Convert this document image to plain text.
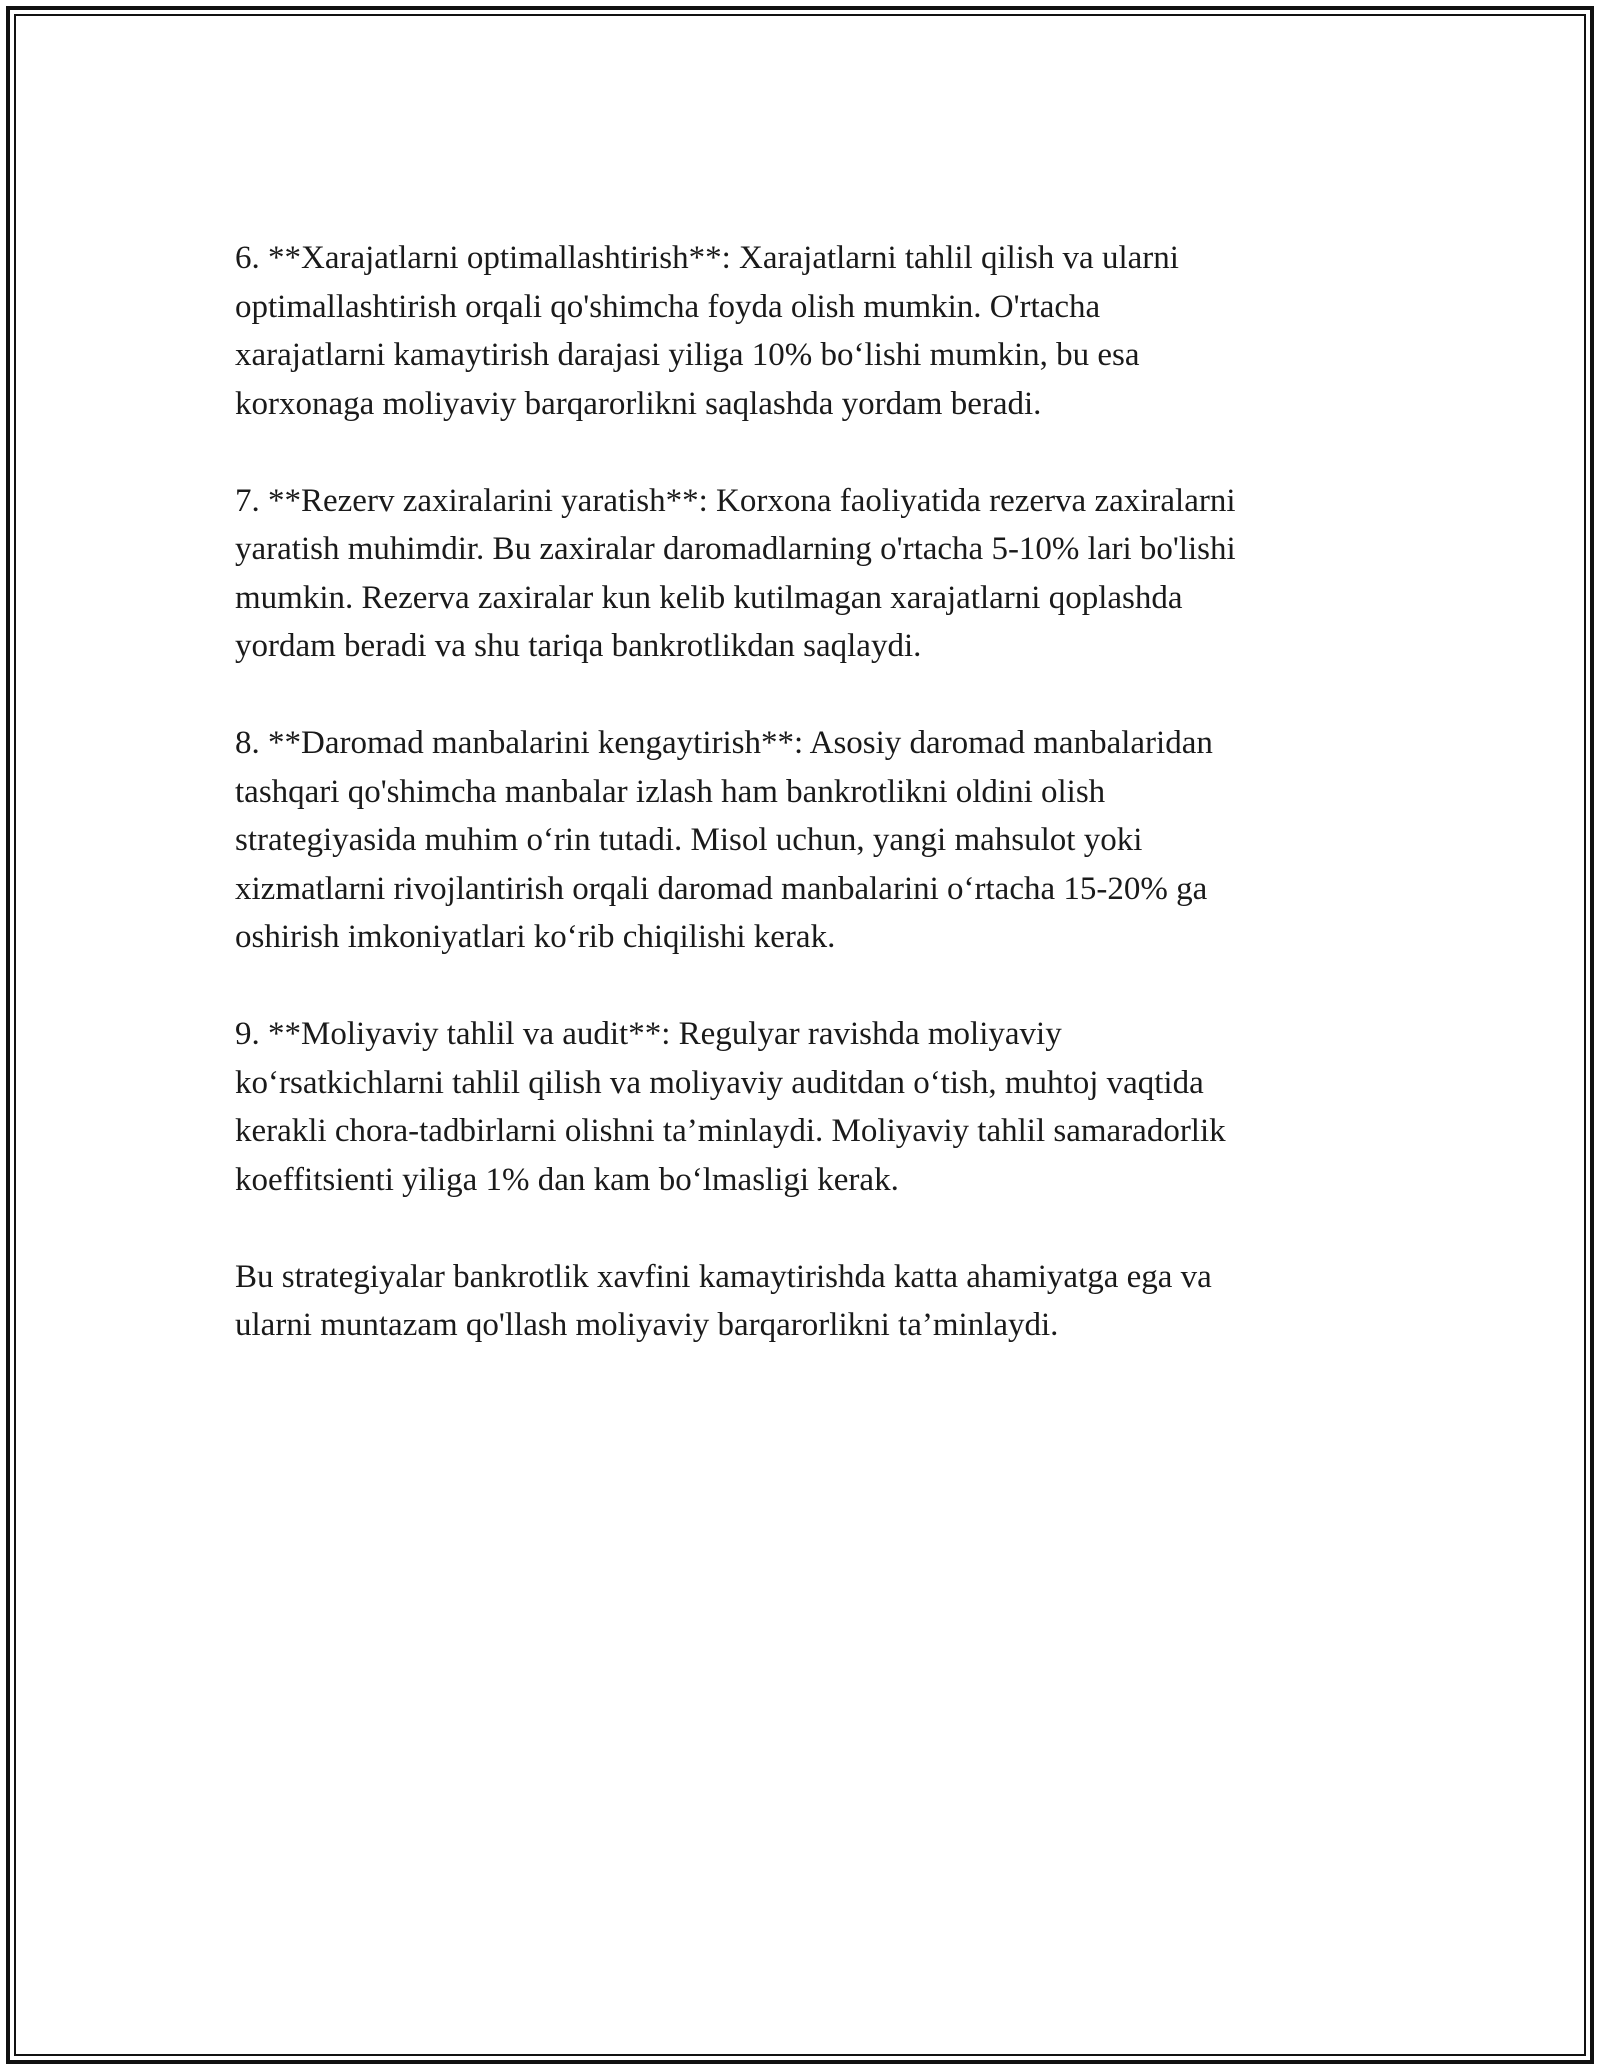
6. **Xarajatlarni optimallashtirish**: Xarajatlarni tahlil qilish va ularni
optimallashtirish orqali qo'shimcha foyda olish mumkin. O'rtacha
xarajatlarni kamaytirish darajasi yiliga 10% bo‘lishi mumkin, bu esa
korxonaga moliyaviy barqarorlikni saqlashda yordam beradi.

7. **Rezerv zaxiralarini yaratish**: Korxona faoliyatida rezerva zaxiralarni
yaratish muhimdir. Bu zaxiralar daromadlarning o'rtacha 5-10% lari bo'lishi
mumkin. Rezerva zaxiralar kun kelib kutilmagan xarajatlarni qoplashda
yordam beradi va shu tariqa bankrotlikdan saqlaydi.

8. **Daromad manbalarini kengaytirish**: Asosiy daromad manbalaridan
tashqari qo'shimcha manbalar izlash ham bankrotlikni oldini olish
strategiyasida muhim o‘rin tutadi. Misol uchun, yangi mahsulot yoki
xizmatlarni rivojlantirish orqali daromad manbalarini o‘rtacha 15-20% ga
oshirish imkoniyatlari ko‘rib chiqilishi kerak.

9. **Moliyaviy tahlil va audit**: Regulyar ravishda moliyaviy
ko‘rsatkichlarni tahlil qilish va moliyaviy auditdan o‘tish, muhtoj vaqtida
kerakli chora-tadbirlarni olishni ta’minlaydi. Moliyaviy tahlil samaradorlik
koeffitsienti yiliga 1% dan kam bo‘lmasligi kerak.

Bu strategiyalar bankrotlik xavfini kamaytirishda katta ahamiyatga ega va
ularni muntazam qo'llash moliyaviy barqarorlikni ta’minlaydi.
